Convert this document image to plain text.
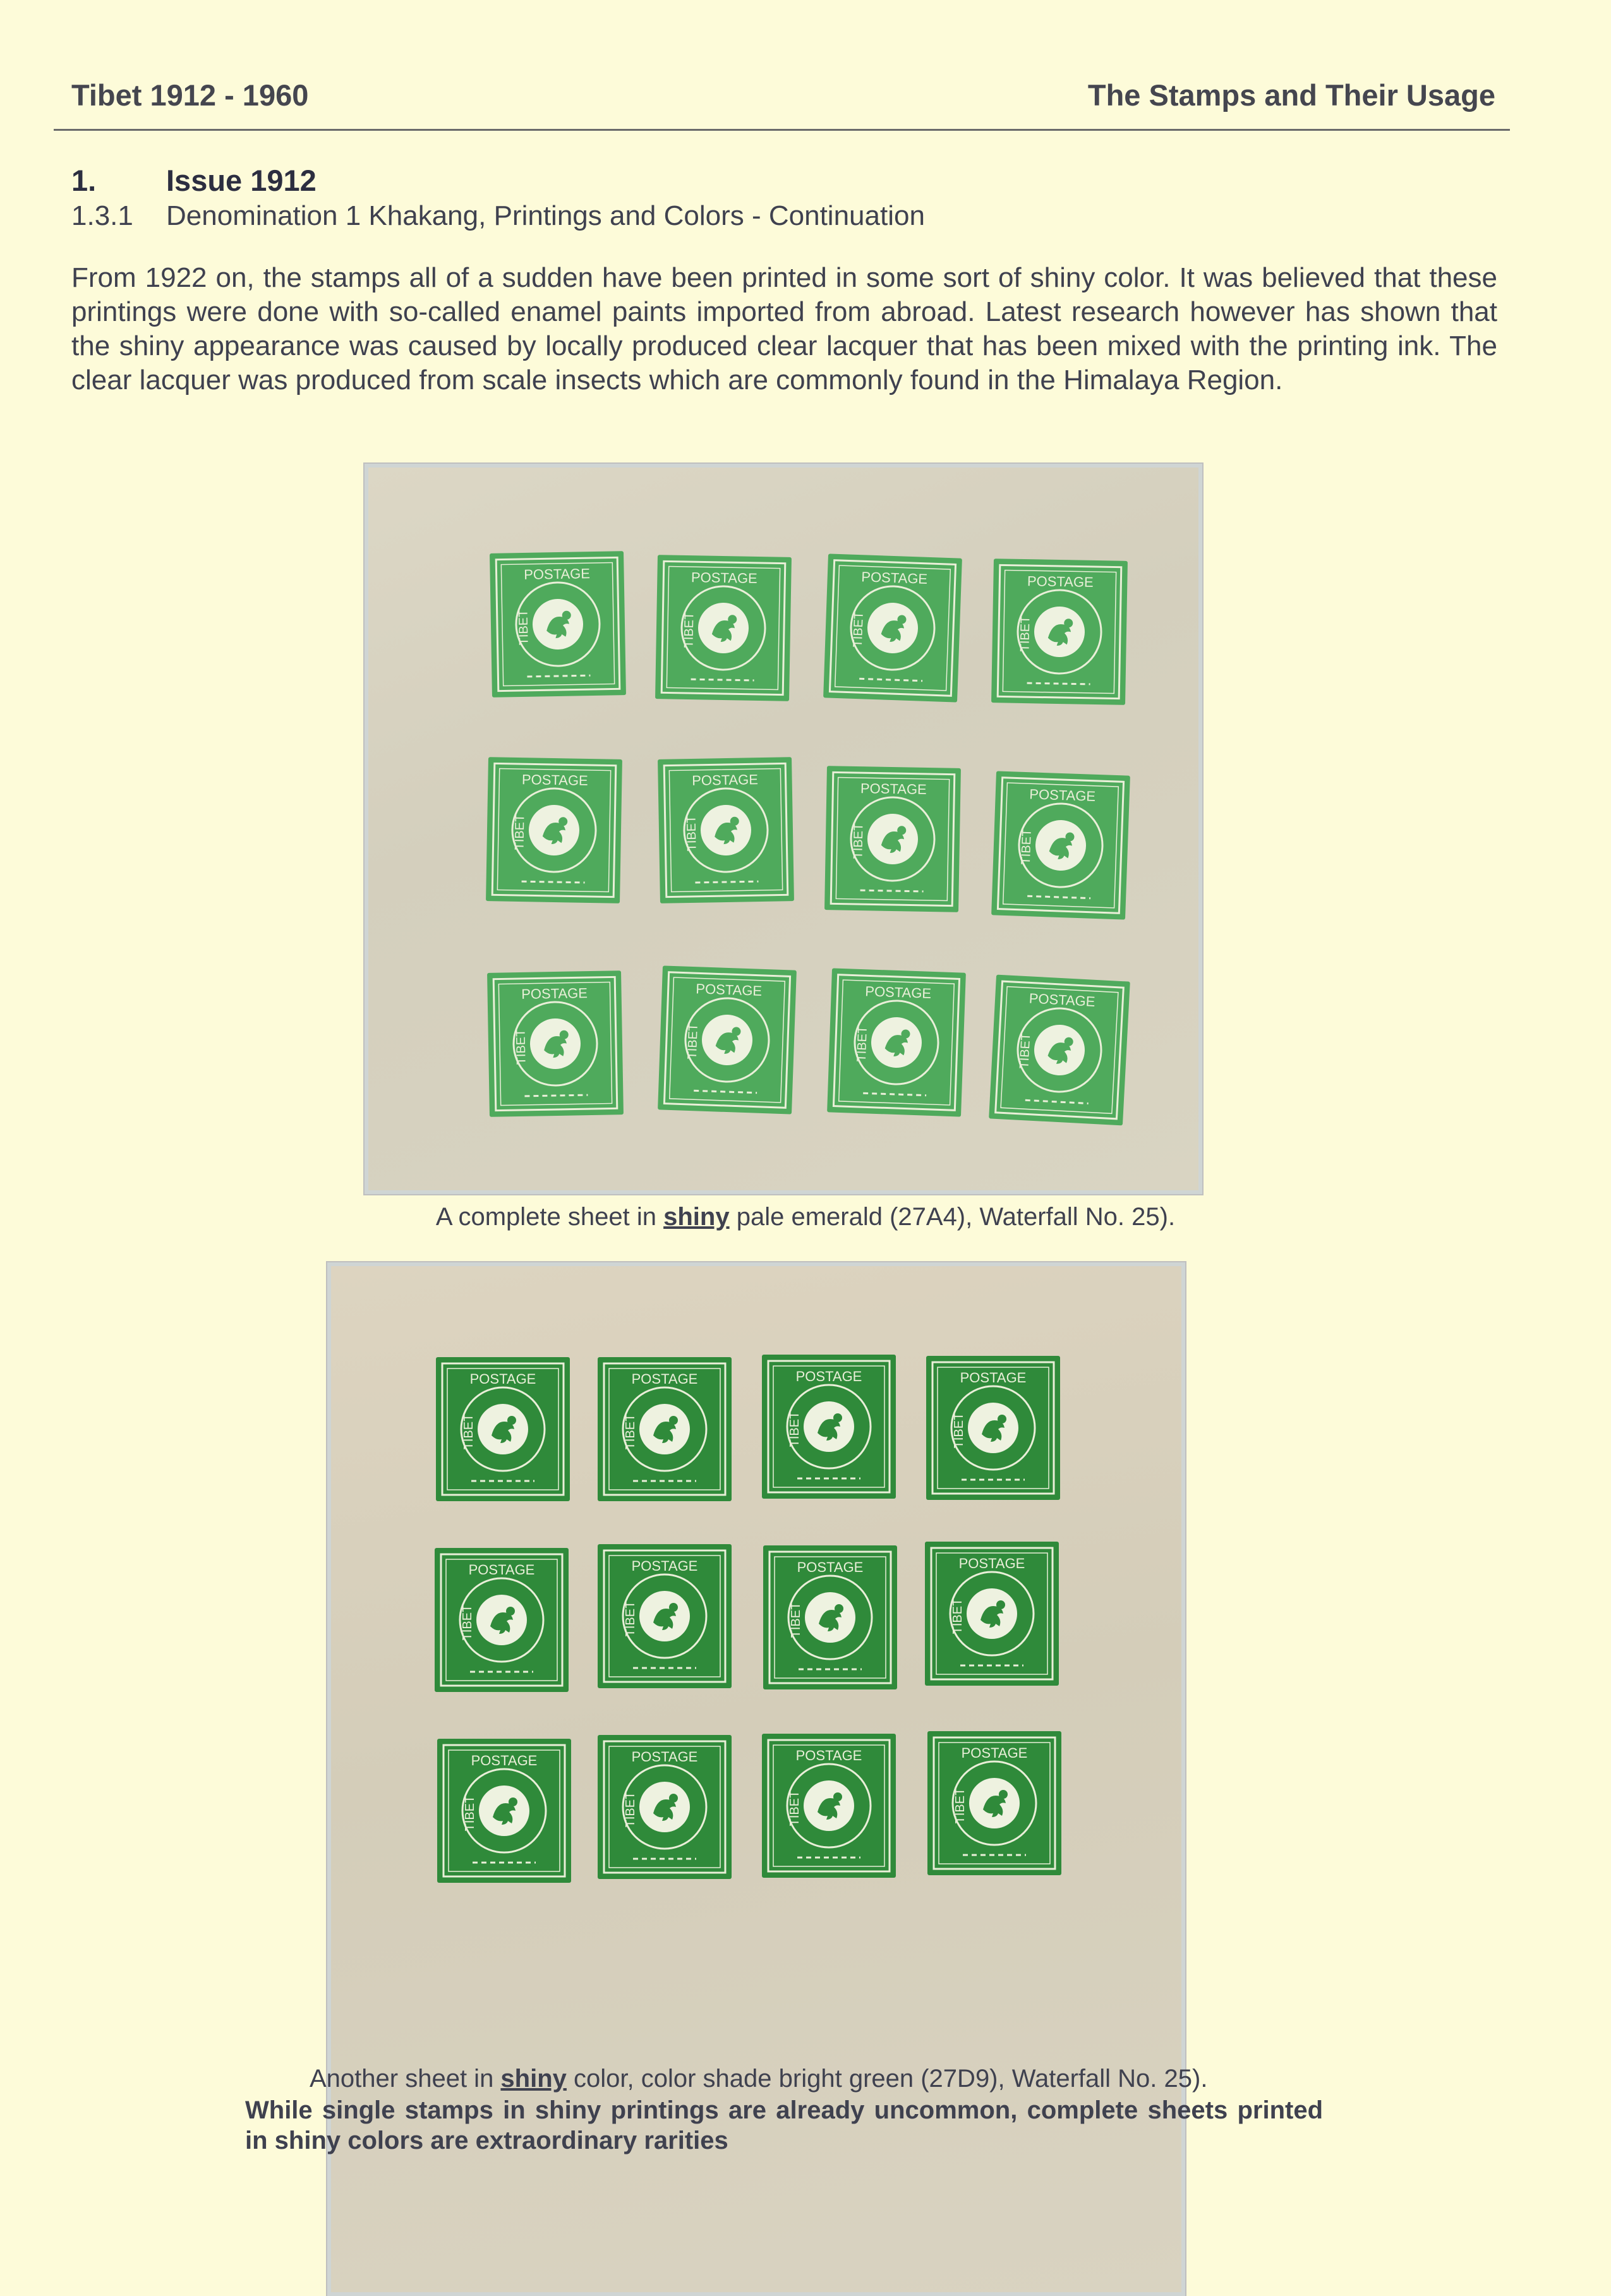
Tibet 1912 - 1960	The Stamps and Their Usage
1. Issue 1912
1.3.1 Denomination 1 Khakang, Printings and Colors - Continuation
From 1922 on, the stamps all of a sudden have been printed in some sort of shiny color. It was believed that these printings were done with so-called enamel paints imported from abroad. Latest research however has shown that the shiny appearance was caused by locally produced clear lacquer that has been mixed with the printing ink. The clear lacquer was produced from scale insects which are commonly found in the Himalaya Region.
POSTAGE
TIBET
POSTAGE
TIBET
POSTAGE
TIBET
POSTAGE
TIBET
POSTAGE
TIBET
POSTAGE
TIBET
POSTAGE
TIBET
POSTAGE
TIBET
POSTAGE
TIBET
POSTAGE
TIBET
POSTAGE
TIBET
POSTAGE
TIBET
A complete sheet in shiny pale emerald (27A4), Waterfall No. 25).
POSTAGE
TIBET
POSTAGE
TIBET
POSTAGE
TIBET
POSTAGE
TIBET
POSTAGE
TIBET
POSTAGE
TIBET
POSTAGE
TIBET
POSTAGE
TIBET
POSTAGE
TIBET
POSTAGE
TIBET
POSTAGE
TIBET
POSTAGE
TIBET
Another sheet in shiny color, color shade bright green (27D9), Waterfall No. 25).
While single stamps in shiny printings are already uncommon, complete sheets printed in shiny colors are extraordinary rarities
